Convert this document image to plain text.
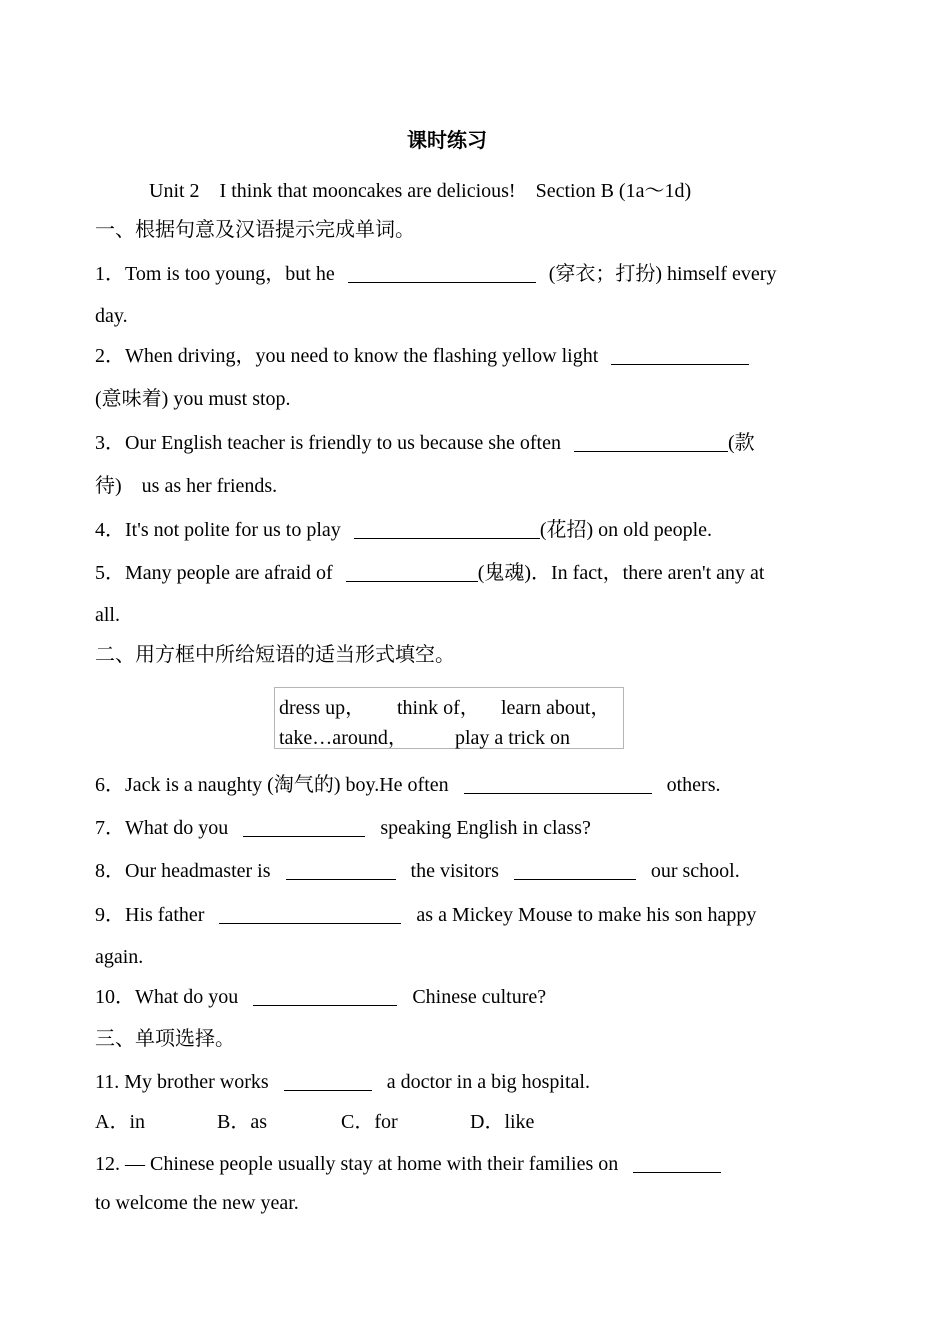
课时练习
Unit 2　I think that mooncakes are delicious!　Section B (1a～1d)
一、根据句意及汉语提示完成单词。
1．Tom is too young，but he	(穿衣；打扮) himself every
day.
2．When driving，you need to know the flashing yellow light
(意味着) you must stop.
3．Our English teacher is friendly to us because she often	(款
待)　us as her friends.
4．It's not polite for us to play	(花招) on old people.
5．Many people are afraid of	(鬼魂)．In fact，there aren't any at
all.
二、用方框中所给短语的适当形式填空。
dress up， think of， learn about，
take…around， play a trick on
6．Jack is a naughty (淘气的) boy.He often	others.
7．What do you	speaking English in class?
8．Our headmaster is	the visitors	our school.
9．His father	as a Mickey Mouse to make his son happy
again.
10．What do you	Chinese culture?
三、单项选择。
11. My brother works	a doctor in a big hospital.
A．in	B．as	C．for	D．like
12. — Chinese people usually stay at home with their families on
to welcome the new year.
